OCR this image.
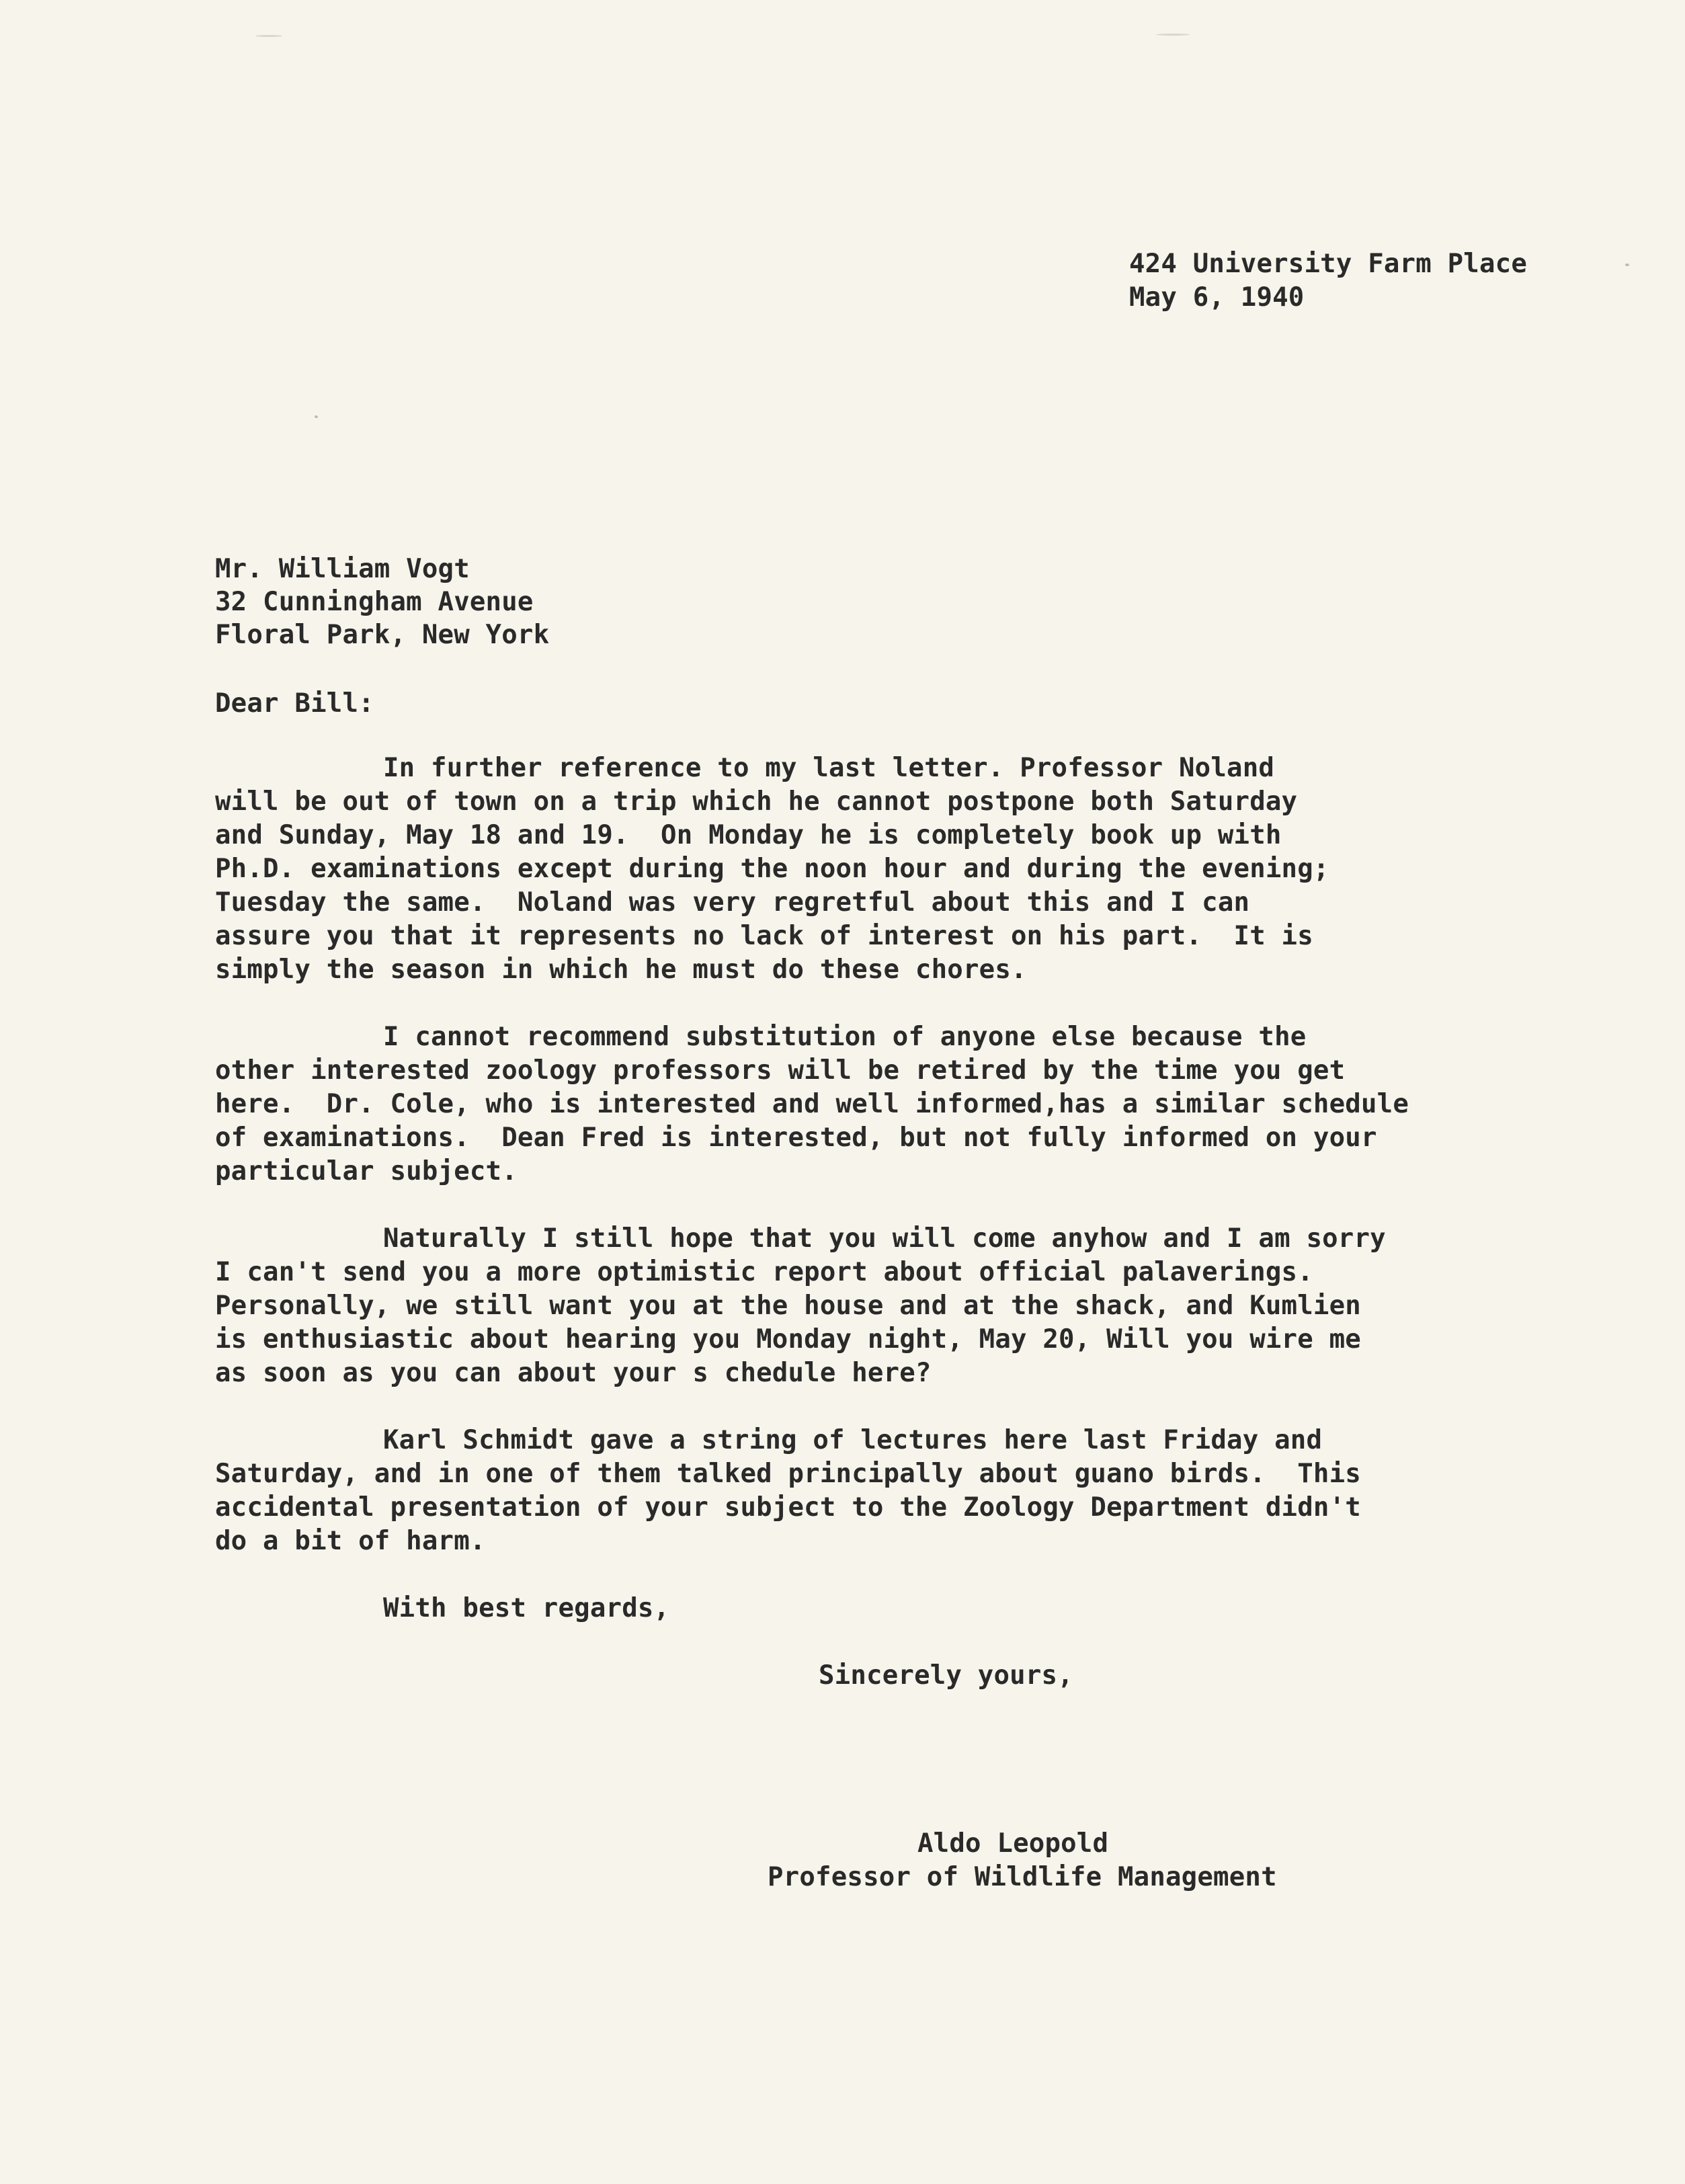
424 University Farm Place
May 6, 1940
Mr. William Vogt
32 Cunningham Avenue
Floral Park, New York
Dear Bill:
In further reference to my last letter. Professor Noland
will be out of town on a trip which he cannot postpone both Saturday
and Sunday, May 18 and 19.  On Monday he is completely book up with
Ph.D. examinations except during the noon hour and during the evening;
Tuesday the same.  Noland was very regretful about this and I can
assure you that it represents no lack of interest on his part.  It is
simply the season in which he must do these chores.
I cannot recommend substitution of anyone else because the
other interested zoology professors will be retired by the time you get
here.  Dr. Cole, who is interested and well informed,has a similar schedule
of examinations.  Dean Fred is interested, but not fully informed on your
particular subject.
Naturally I still hope that you will come anyhow and I am sorry
I can't send you a more optimistic report about official palaverings.
Personally, we still want you at the house and at the shack, and Kumlien
is enthusiastic about hearing you Monday night, May 20, Will you wire me
as soon as you can about your s chedule here?
Karl Schmidt gave a string of lectures here last Friday and
Saturday, and in one of them talked principally about guano birds.  This
accidental presentation of your subject to the Zoology Department didn't
do a bit of harm.
With best regards,
Sincerely yours,
Aldo Leopold
Professor of Wildlife Management
